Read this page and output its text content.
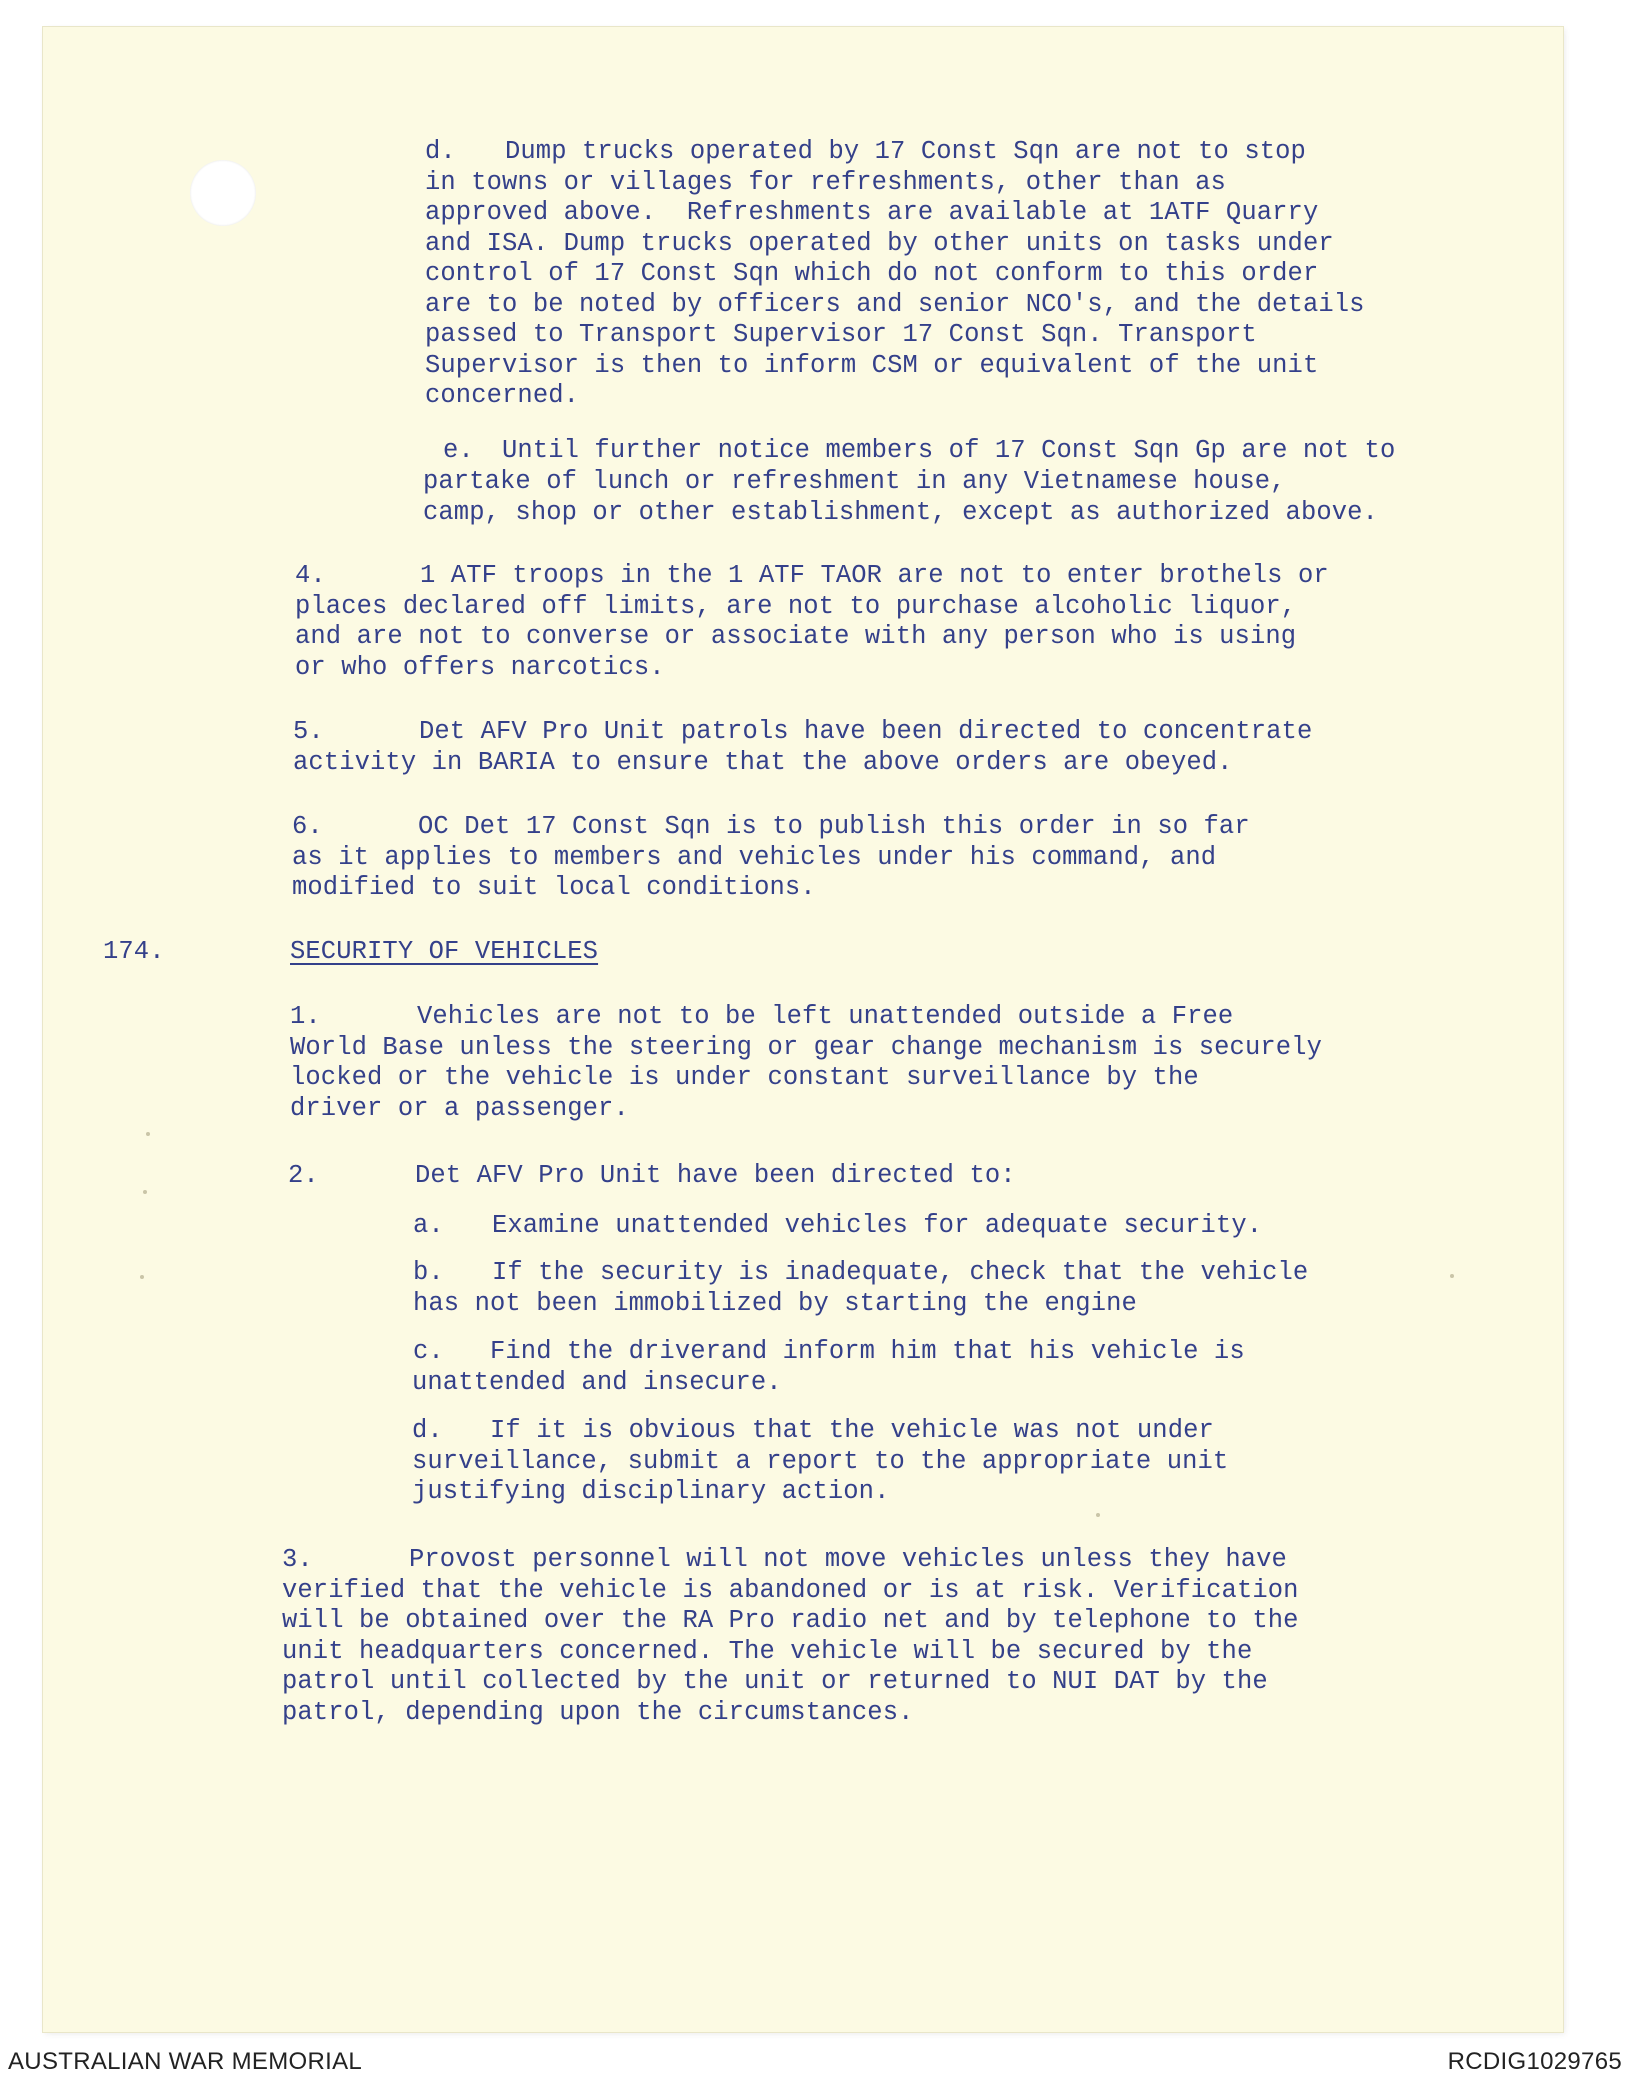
d. Dump trucks operated by 17 Const Sqn are not to stop
in towns or villages for refreshments, other than as
approved above.  Refreshments are available at 1ATF Quarry
and ISA. Dump trucks operated by other units on tasks under
control of 17 Const Sqn which do not conform to this order
are to be noted by officers and senior NCO's, and the details
passed to Transport Supervisor 17 Const Sqn. Transport
Supervisor is then to inform CSM or equivalent of the unit
concerned.
e. Until further notice members of 17 Const Sqn Gp are not to
partake of lunch or refreshment in any Vietnamese house,
camp, shop or other establishment, except as authorized above.
4.	1 ATF troops in the 1 ATF TAOR are not to enter brothels or
places declared off limits, are not to purchase alcoholic liquor,
and are not to converse or associate with any person who is using
or who offers narcotics.
5.	Det AFV Pro Unit patrols have been directed to concentrate
activity in BARIA to ensure that the above orders are obeyed.
6.	OC Det 17 Const Sqn is to publish this order in so far
as it applies to members and vehicles under his command, and
modified to suit local conditions.
174.	SECURITY OF VEHICLES
1.	Vehicles are not to be left unattended outside a Free
World Base unless the steering or gear change mechanism is securely
locked or the vehicle is under constant surveillance by the
driver or a passenger.
2.	Det AFV Pro Unit have been directed to:
a. Examine unattended vehicles for adequate security.
b. If the security is inadequate, check that the vehicle
has not been immobilized by starting the engine
c. Find the driverand inform him that his vehicle is
unattended and insecure.
d. If it is obvious that the vehicle was not under
surveillance, submit a report to the appropriate unit
justifying disciplinary action.
3.	Provost personnel will not move vehicles unless they have
verified that the vehicle is abandoned or is at risk. Verification
will be obtained over the RA Pro radio net and by telephone to the
unit headquarters concerned. The vehicle will be secured by the
patrol until collected by the unit or returned to NUI DAT by the
patrol, depending upon the circumstances.
AUSTRALIAN WAR MEMORIAL	RCDIG1029765
